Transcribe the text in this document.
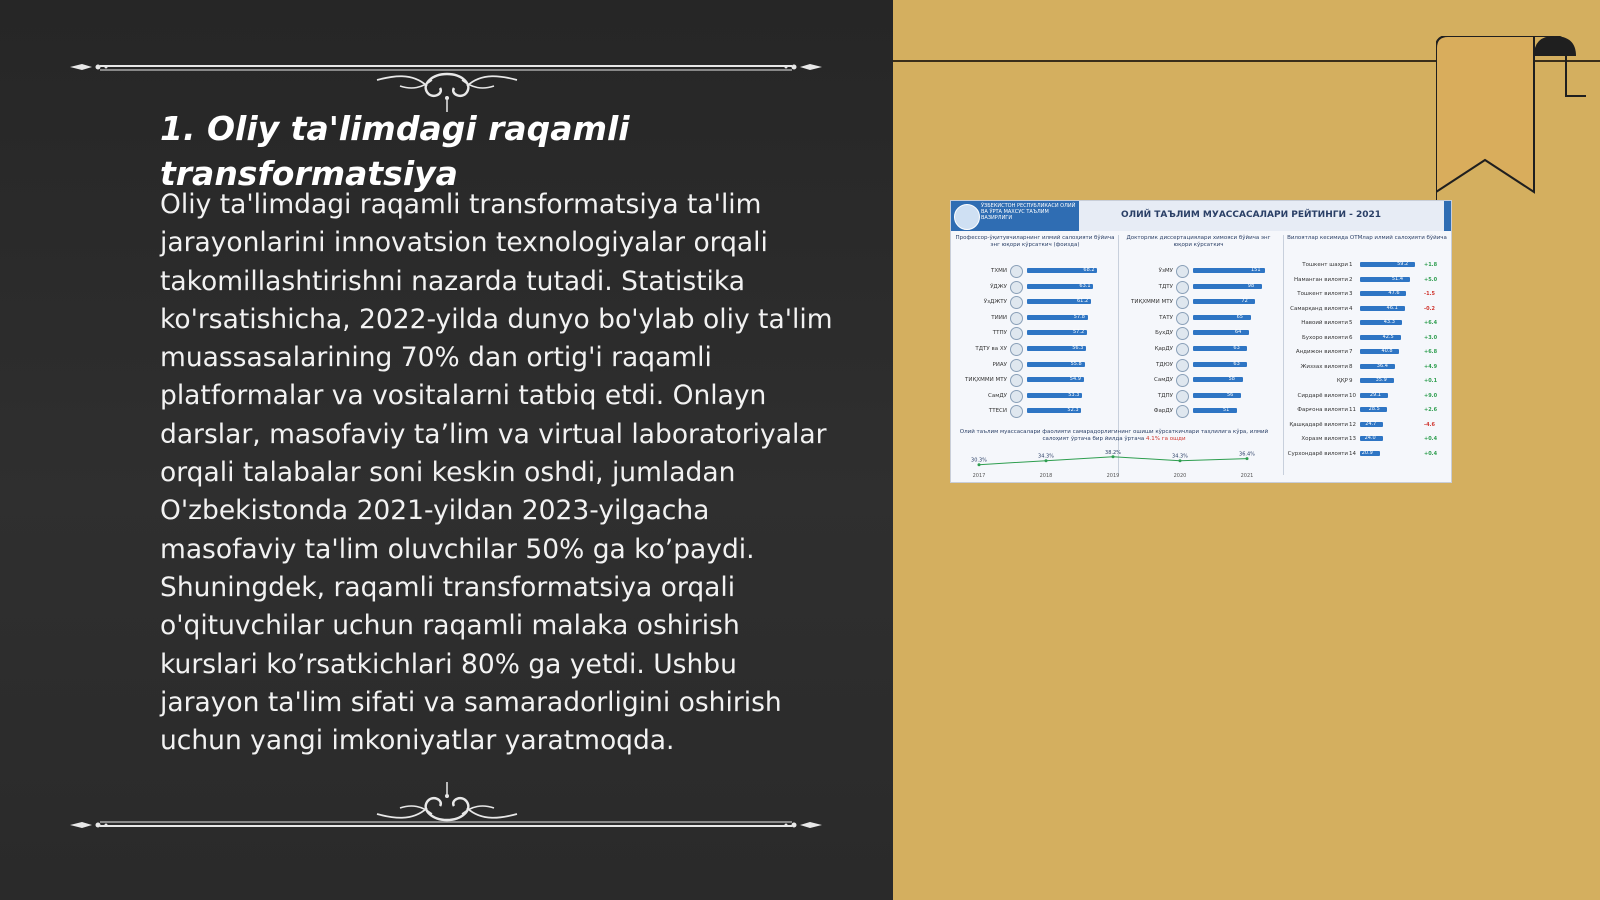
1. Oliy ta'limdagi raqamli transformatsiya

Oliy ta'limdagi raqamli transformatsiya ta'lim jarayonlarini innovatsion texnologiyalar orqali takomillashtirishni nazarda tutadi. Statistika ko'rsatishicha, 2022-yilda dunyo bo'ylab oliy ta'lim muassasalarining 70% dan ortig'i raqamli platformalar va vositalarni tatbiq etdi. Onlayn darslar, masofaviy ta’lim va virtual laboratoriyalar orqali talabalar soni keskin oshdi, jumladan O'zbekistonda 2021-yildan 2023-yilgacha masofaviy ta'lim oluvchilar 50% ga ko’paydi. Shuningdek, raqamli transformatsiya orqali o'qituvchilar uchun raqamli malaka oshirish kurslari ko’rsatkichlari 80% ga yetdi. Ushbu jarayon ta'lim sifati va samaradorligini oshirish uchun yangi imkoniyatlar yaratmoqda.

ЎЗБЕКИСТОН РЕСПУБЛИКАСИ ОЛИЙ ВА ЎРТА МАХСУС ТАЪЛИМ ВАЗИРЛИГИ	ОЛИЙ ТАЪЛИМ МУАССАСАЛАРИ РЕЙТИНГИ - 2021
Профессор-ўқитувчиларнинг илмий салоҳияти бўйича энг юқори кўрсаткич (фоизда)
ТХМИ	68.2
ЎДЖУ	63.1
ЎзДЖТУ	61.2
ТИИИ	57.8
ТТПУ	57.2
ТДТУ ва ХУ	56.3
РИАУ	55.8
ТИҚХММИ МТУ	54.9
СамДУ	53.3
ТТЕСИ	52.3
Докторлик диссертациялари химояси бўйича энг юқори кўрсаткич
ЎзМУ	151
ТДТУ	98
ТИҚХММИ МТУ	72
ТАТУ	65
БухДУ	64
ҚарДУ	63
ТДЮУ	63
СамДУ	58
ТДПУ	56
ФарДУ	51
Вилоятлар кесимида ОТМлар илмий салоҳияти бўйича
Тошкент шаҳри 1	59.2	+1.8
Наманган вилояти 2	51.4	+5.0
Тошкент вилояти 3	47.6	-1.5
Самарқанд вилояти 4	46.1	-0.2
Навоий вилояти 5	43.3	+6.4
Бухоро вилояти 6	42.5	+3.0
Андижон вилояти 7	40.8	+6.8
Жиззах вилояти 8	36.4	+4.9
ҚҚР 9	35.9	+0.1
Сирдарё вилояти 10	29.1	+9.0
Фарғона вилояти 11	28.5	+2.6
Қашқадарё вилояти 12 24.7	-4.6
Хоразм вилояти 13 24.0	+0.4
Сурхондарё вилояти 14 20.9	+0.4
Олий таълим муассасалари фаолияти самарадорлигининг ошиши кўрсаткичлари таҳлилига кўра, илмий салоҳият ўртача бир йилда ўртача 4.1% га ошди
30.3%
2017
34.3%
2018
38.2%
2019
34.3%
2020
36.4%
2021
